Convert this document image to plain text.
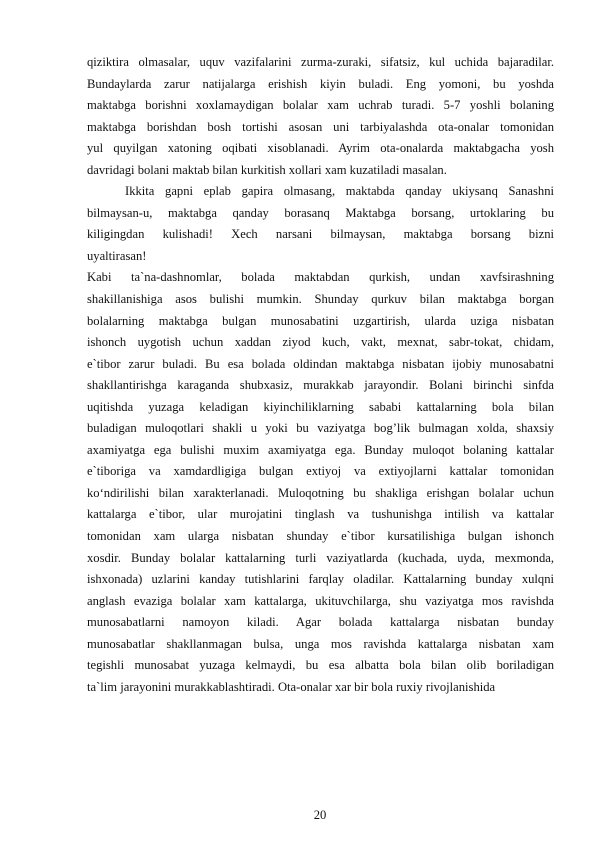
qiziktira olmasalar, uquv vazifalarini zurma-zuraki, sifatsiz, kul uchida bajaradilar.
Bundaylarda zarur natijalarga erishish kiyin buladi. Eng yomoni, bu yoshda
maktabga borishni xoxlamaydigan bolalar xam uchrab turadi. 5-7 yoshli bolaning
maktabga borishdan bosh tortishi asosan uni tarbiyalashda ota-onalar tomonidan
yul quyilgan xatoning oqibati xisoblanadi. Ayrim ota-onalarda maktabgacha yosh
davridagi bolani maktab bilan kurkitish xollari xam kuzatiladi masalan.
Ikkita gapni eplab gapira olmasang, maktabda qanday ukiysanq Sanashni
bilmaysan-u, maktabga qanday borasanq Maktabga borsang, urtoklaring bu
kiligingdan kulishadi! Xech narsani bilmaysan, maktabga borsang bizni
uyaltirasan!
Kabi ta`na-dashnomlar, bolada maktabdan qurkish, undan xavfsirashning
shakillanishiga asos bulishi mumkin. Shunday qurkuv bilan maktabga borgan
bolalarning maktabga bulgan munosabatini uzgartirish, ularda uziga nisbatan
ishonch uygotish uchun xaddan ziyod kuch, vakt, mexnat, sabr-tokat, chidam,
e`tibor zarur buladi. Bu esa bolada oldindan maktabga nisbatan ijobiy munosabatni
shakllantirishga karaganda shubxasiz, murakkab jarayondir. Bolani birinchi sinfda
uqitishda yuzaga keladigan kiyinchiliklarning sababi kattalarning bola bilan
buladigan muloqotlari shakli u yoki bu vaziyatga bog’lik bulmagan xolda, shaxsiy
axamiyatga ega bulishi muxim axamiyatga ega. Bunday muloqot bolaning kattalar
e`tiboriga va xamdardligiga bulgan extiyoj va extiyojlarni kattalar tomonidan
ko‘ndirilishi bilan xarakterlanadi. Muloqotning bu shakliga erishgan bolalar uchun
kattalarga e`tibor, ular murojatini tinglash va tushunishga intilish va kattalar
tomonidan xam ularga nisbatan shunday e`tibor kursatilishiga bulgan ishonch
xosdir. Bunday bolalar kattalarning turli vaziyatlarda (kuchada, uyda, mexmonda,
ishxonada) uzlarini kanday tutishlarini farqlay oladilar. Kattalarning bunday xulqni
anglash evaziga bolalar xam kattalarga, ukituvchilarga, shu vaziyatga mos ravishda
munosabatlarni namoyon kiladi. Agar bolada kattalarga nisbatan bunday
munosabatlar shakllanmagan bulsa, unga mos ravishda kattalarga nisbatan xam
tegishli munosabat yuzaga kelmaydi, bu esa albatta bola bilan olib boriladigan
ta`lim jarayonini murakkablashtiradi. Ota-onalar xar bir bola ruxiy rivojlanishida
20
